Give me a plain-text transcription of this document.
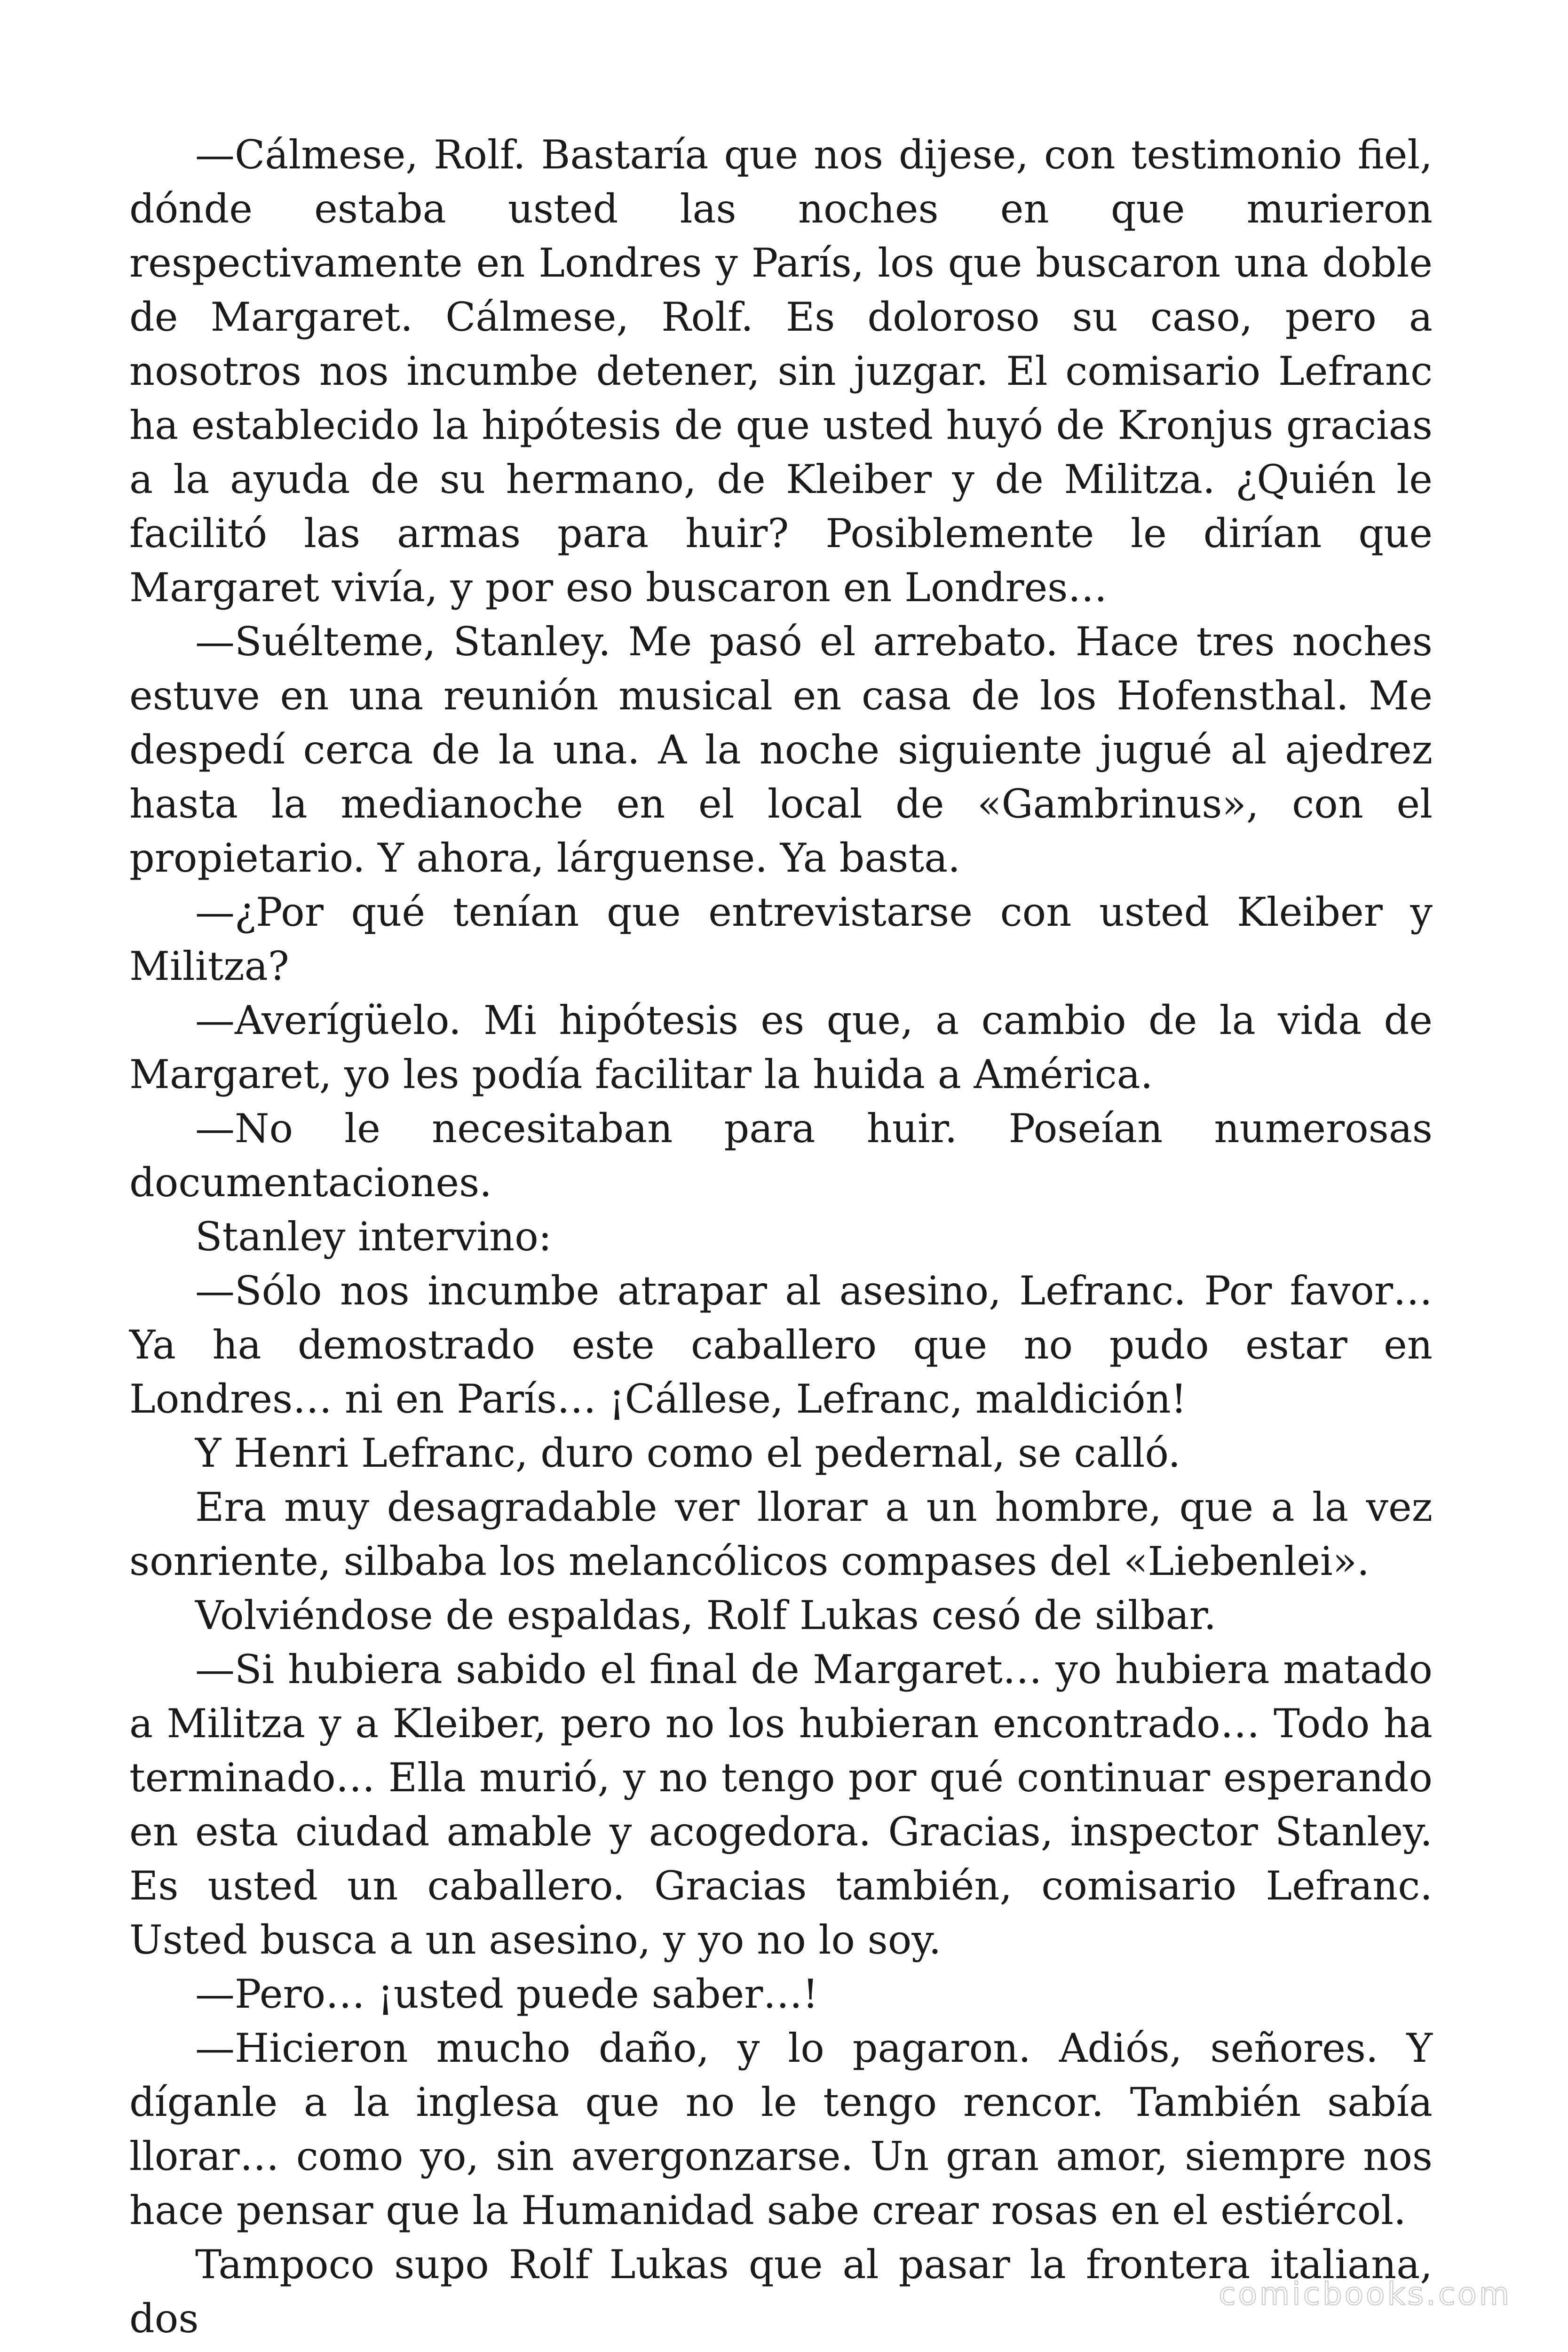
—Cálmese, Rolf. Bastaría que nos dijese, con testimonio fiel, dónde estaba usted las noches en que murieron respectivamente en Londres y París, los que buscaron una doble de Margaret. Cálmese, Rolf. Es doloroso su caso, pero a nosotros nos incumbe detener, sin juzgar. El comisario Lefranc ha establecido la hipótesis de que usted huyó de Kronjus gracias a la ayuda de su hermano, de Kleiber y de Militza. ¿Quién le facilitó las armas para huir? Posiblemente le dirían que Margaret vivía, y por eso buscaron en Londres…

—Suélteme, Stanley. Me pasó el arrebato. Hace tres noches estuve en una reunión musical en casa de los Hofensthal. Me despedí cerca de la una. A la noche siguiente jugué al ajedrez hasta la medianoche en el local de «Gambrinus», con el propietario. Y ahora, lárguense. Ya basta.

—¿Por qué tenían que entrevistarse con usted Kleiber y Militza?

—Averígüelo. Mi hipótesis es que, a cambio de la vida de Margaret, yo les podía facilitar la huida a América.

—No le necesitaban para huir. Poseían numerosas documentaciones.

Stanley intervino:

—Sólo nos incumbe atrapar al asesino, Lefranc. Por favor… Ya ha demostrado este caballero que no pudo estar en Londres… ni en París… ¡Cállese, Lefranc, maldición!

Y Henri Lefranc, duro como el pedernal, se calló.

Era muy desagradable ver llorar a un hombre, que a la vez sonriente, silbaba los melancólicos compases del «Liebenlei».

Volviéndose de espaldas, Rolf Lukas cesó de silbar.

—Si hubiera sabido el final de Margaret… yo hubiera matado a Militza y a Kleiber, pero no los hubieran encontrado… Todo ha terminado… Ella murió, y no tengo por qué continuar esperando en esta ciudad amable y acogedora. Gracias, inspector Stanley. Es usted un caballero. Gracias también, comisario Lefranc. Usted busca a un asesino, y yo no lo soy.

—Pero… ¡usted puede saber…!

—Hicieron mucho daño, y lo pagaron. Adiós, señores. Y díganle a la inglesa que no le tengo rencor. También sabía llorar… como yo, sin avergonzarse. Un gran amor, siempre nos hace pensar que la Humanidad sabe crear rosas en el estiércol.

Tampoco supo Rolf Lukas que al pasar la frontera italiana, dos

comicbooks.com
